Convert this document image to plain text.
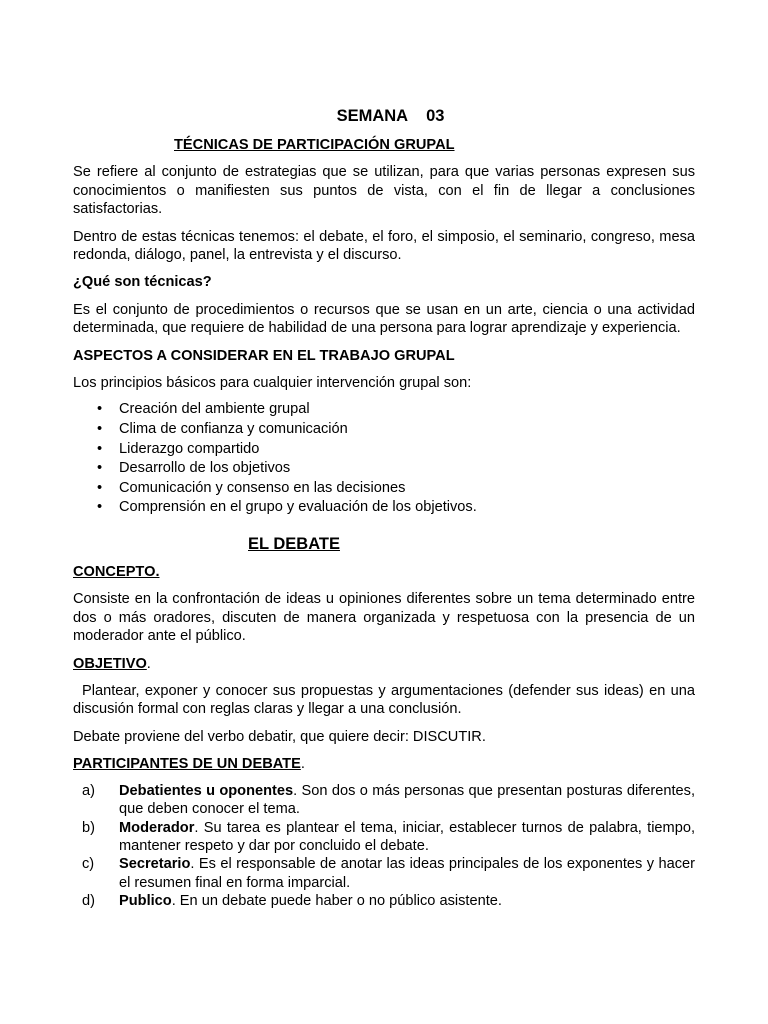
SEMANA 03
TÉCNICAS DE PARTICIPACIÓN GRUPAL

Se refiere al conjunto de estrategias que se utilizan, para que varias personas expresen sus conocimientos o manifiesten sus puntos de vista, con el fin de llegar a conclusiones satisfactorias.

Dentro de estas técnicas tenemos: el debate, el foro, el simposio, el seminario, congreso, mesa redonda, diálogo, panel, la entrevista y el discurso.

¿Qué son técnicas?

Es el conjunto de procedimientos o recursos que se usan en un arte, ciencia o una actividad determinada, que requiere de habilidad de una persona para lograr aprendizaje y experiencia.

ASPECTOS A CONSIDERAR EN EL TRABAJO GRUPAL

Los principios básicos para cualquier intervención grupal son:

• Creación del ambiente grupal
• Clima de confianza y comunicación
• Liderazgo compartido
• Desarrollo de los objetivos
• Comunicación y consenso en las decisiones
• Comprensión en el grupo y evaluación de los objetivos.
EL DEBATE

CONCEPTO.

Consiste en la confrontación de ideas u opiniones diferentes sobre un tema determinado entre dos o más oradores, discuten de manera organizada y respetuosa con la presencia de un moderador ante el público.

OBJETIVO.

Plantear, exponer y conocer sus propuestas y argumentaciones (defender sus ideas) en una discusión formal con reglas claras y llegar a una conclusión.

Debate proviene del verbo debatir, que quiere decir: DISCUTIR.

PARTICIPANTES DE UN DEBATE.

a)	Debatientes u oponentes. Son dos o más personas que presentan posturas diferentes, que deben conocer el tema.
b)	Moderador. Su tarea es plantear el tema, iniciar, establecer turnos de palabra, tiempo, mantener respeto y dar por concluido el debate.
c)	Secretario. Es el responsable de anotar las ideas principales de los exponentes y hacer el resumen final en forma imparcial.
d)	Publico. En un debate puede haber o no público asistente.
